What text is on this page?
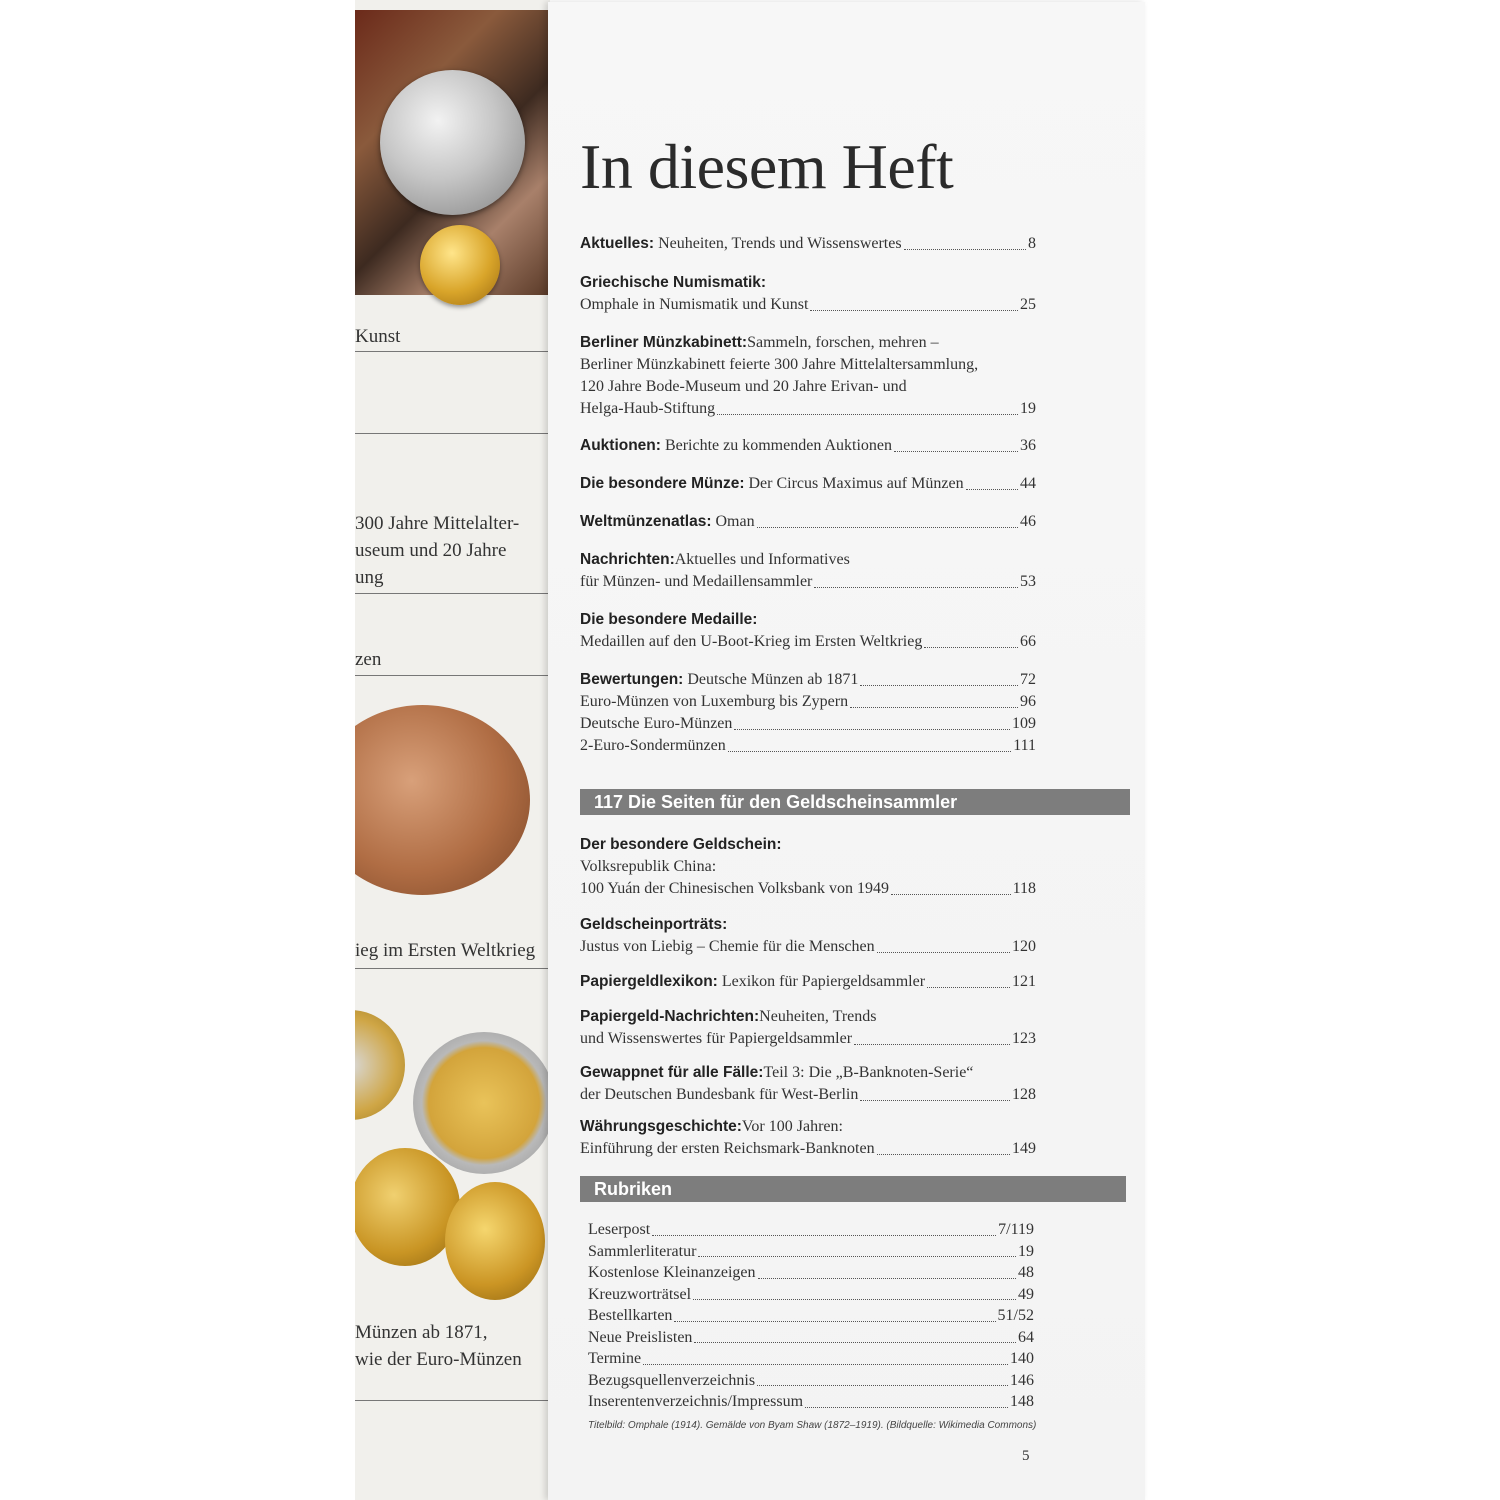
Kunst
300 Jahre Mittelalter-
useum und 20 Jahre
ung
zen
ieg im Ersten Weltkrieg
Münzen ab 1871,
wie der Euro-Münzen
In diesem Heft
Aktuelles: Neuheiten, Trends und Wissenswertes	8
Griechische Numismatik:
Omphale in Numismatik und Kunst	25
Berliner Münzkabinett: Sammeln, forschen, mehren –
Berliner Münzkabinett feierte 300 Jahre Mittelaltersammlung,
120 Jahre Bode-Museum und 20 Jahre Erivan- und
Helga-Haub-Stiftung	19
Auktionen: Berichte zu kommenden Auktionen	36
Die besondere Münze: Der Circus Maximus auf Münzen	44
Weltmünzenatlas: Oman	46
Nachrichten: Aktuelles und Informatives
für Münzen- und Medaillensammler	53
Die besondere Medaille:
Medaillen auf den U-Boot-Krieg im Ersten Weltkrieg	66
Bewertungen: Deutsche Münzen ab 1871	72
Euro-Münzen von Luxemburg bis Zypern	96
Deutsche Euro-Münzen	109
2-Euro-Sondermünzen	111
117 Die Seiten für den Geldscheinsammler
Der besondere Geldschein:
Volksrepublik China:
100 Yuán der Chinesischen Volksbank von 1949	118
Geldscheinporträts:
Justus von Liebig – Chemie für die Menschen	120
Papiergeldlexikon: Lexikon für Papiergeldsammler	121
Papiergeld-Nachrichten: Neuheiten, Trends
und Wissenswertes für Papiergeldsammler	123
Gewappnet für alle Fälle: Teil 3: Die „B-Banknoten-Serie“
der Deutschen Bundesbank für West-Berlin	128
Währungsgeschichte: Vor 100 Jahren:
Einführung der ersten Reichsmark-Banknoten	149
Rubriken
Leserpost	7/119
Sammlerliteratur	19
Kostenlose Kleinanzeigen	48
Kreuzworträtsel	49
Bestellkarten	51/52
Neue Preislisten	64
Termine	140
Bezugsquellenverzeichnis	146
Inserentenverzeichnis/Impressum	148
Titelbild: Omphale (1914). Gemälde von Byam Shaw (1872–1919). (Bildquelle: Wikimedia Commons)
5
